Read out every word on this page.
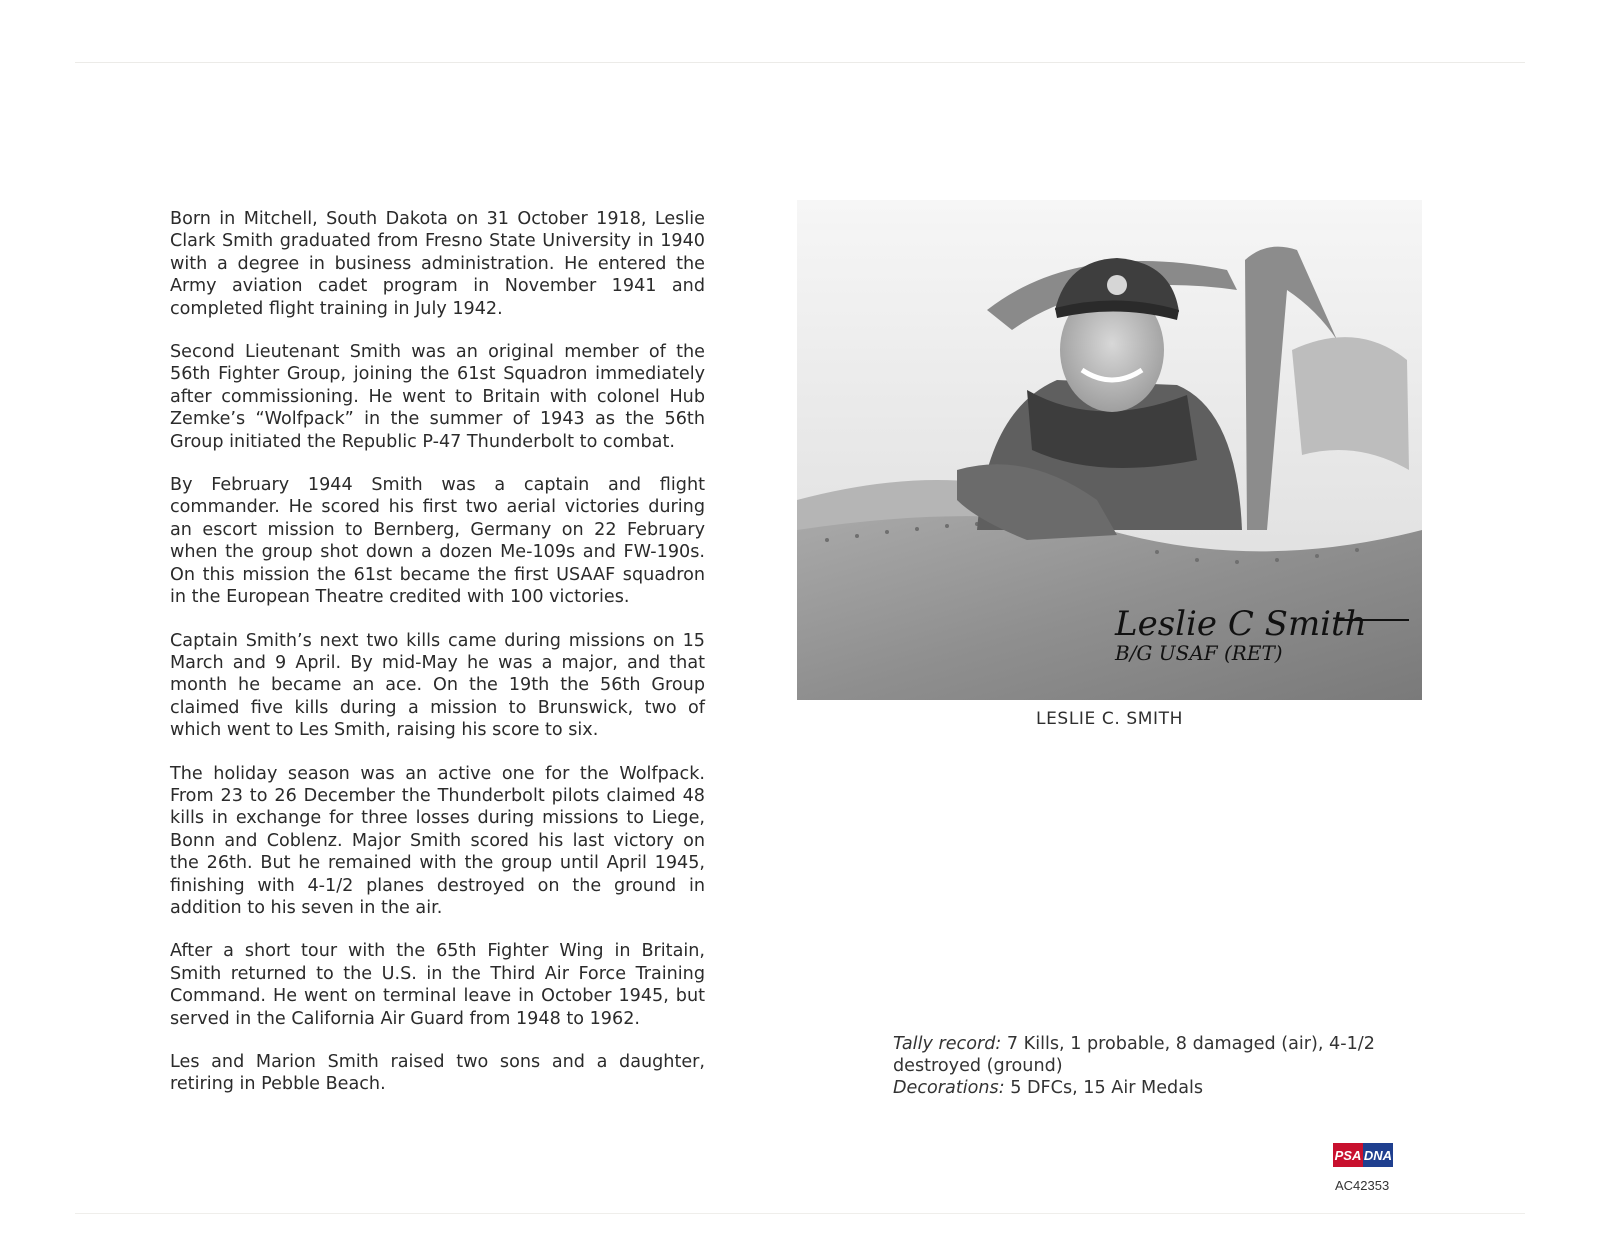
Born in Mitchell, South Dakota on 31 October 1918, Leslie Clark Smith graduated from Fresno State University in 1940 with a degree in business administration. He entered the Army aviation cadet program in November 1941 and completed flight training in July 1942.

Second Lieutenant Smith was an original member of the 56th Fighter Group, joining the 61st Squadron immediately after commissioning. He went to Britain with colonel Hub Zemke’s “Wolfpack” in the summer of 1943 as the 56th Group initiated the Republic P-47 Thunderbolt to combat.

By February 1944 Smith was a captain and flight commander. He scored his first two aerial victories during an escort mission to Bernberg, Germany on 22 February when the group shot down a dozen Me-109s and FW-190s. On this mission the 61st became the first USAAF squadron in the European Theatre credited with 100 victories.

Captain Smith’s next two kills came during missions on 15 March and 9 April. By mid-May he was a major, and that month he became an ace. On the 19th the 56th Group claimed five kills during a mission to Brunswick, two of which went to Les Smith, raising his score to six.

The holiday season was an active one for the Wolfpack. From 23 to 26 December the Thunderbolt pilots claimed 48 kills in exchange for three losses during missions to Liege, Bonn and Coblenz. Major Smith scored his last victory on the 26th. But he remained with the group until April 1945, finishing with 4-1/2 planes destroyed on the ground in addition to his seven in the air.

After a short tour with the 65th Fighter Wing in Britain, Smith returned to the U.S. in the Third Air Force Training Command. He went on terminal leave in October 1945, but served in the California Air Guard from 1948 to 1962.

Les and Marion Smith raised two sons and a daughter, retiring in Pebble Beach.

Leslie C Smith
B/G USAF (RET)
LESLIE C. SMITH
Tally record: 7 Kills, 1 probable, 8 damaged (air), 4-1/2 destroyed (ground)
Decorations: 5 DFCs, 15 Air Medals
PSA DNA
AC42353
